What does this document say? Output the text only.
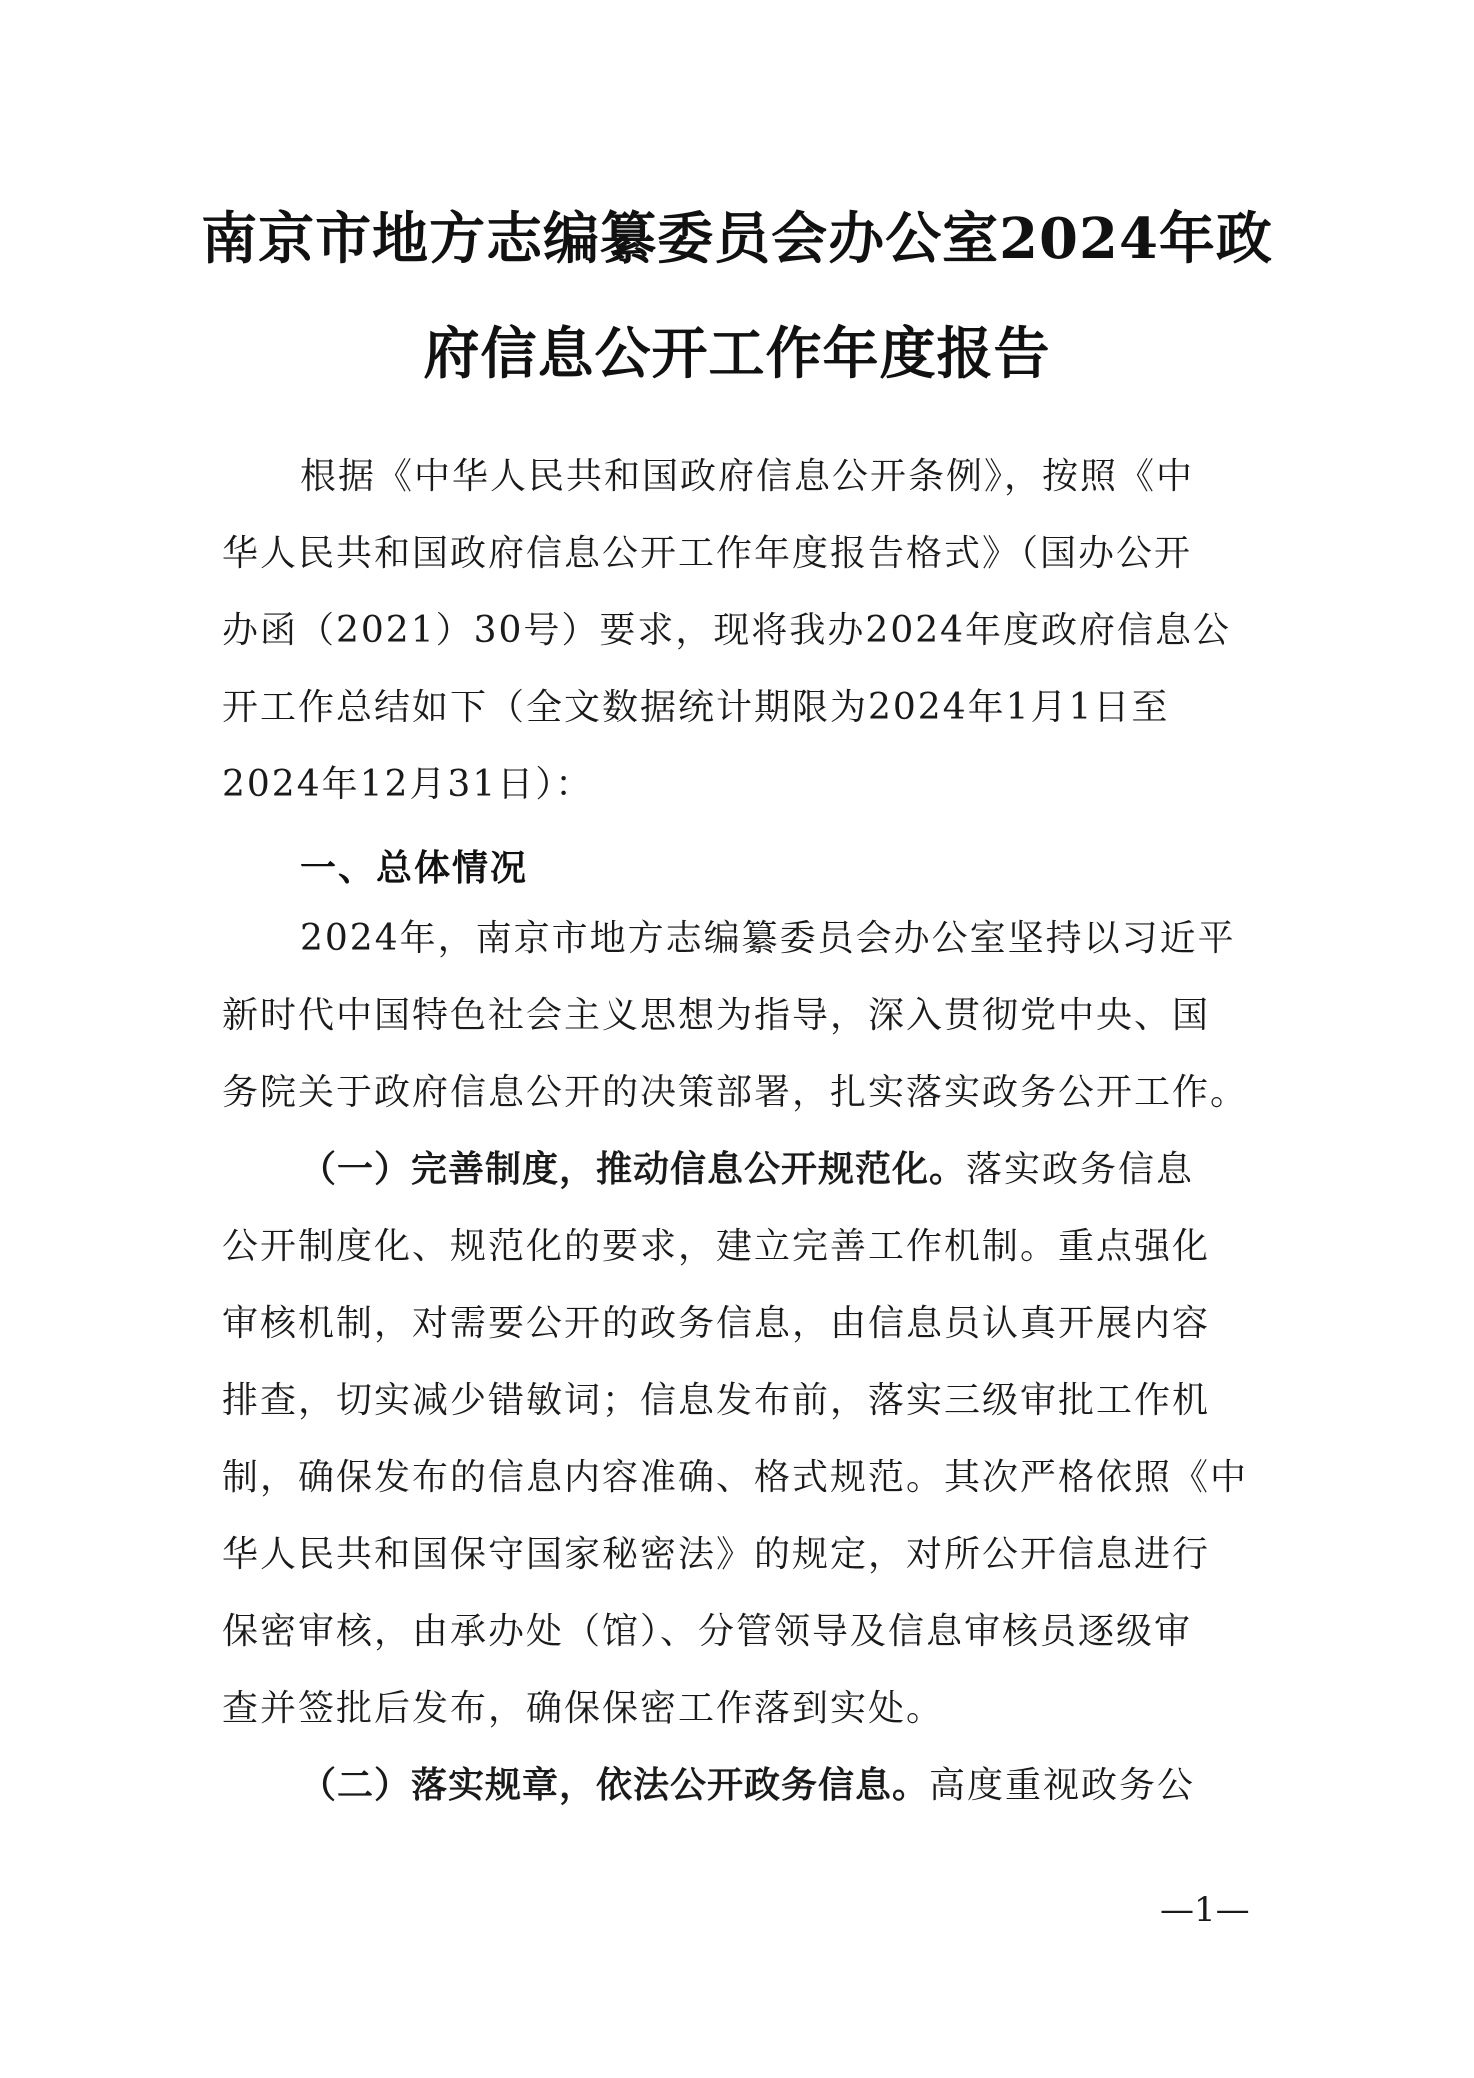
南京市地方志编纂委员会办公室2024年政
府信息公开工作年度报告
根据《中华人民共和国政府信息公开条例》，按照《中
华人民共和国政府信息公开工作年度报告格式》（国办公开
办函（2021）30号）要求，现将我办2024年度政府信息公
开工作总结如下（全文数据统计期限为2024年1月1日至
2024年12月31日）：
一、总体情况
2024年，南京市地方志编纂委员会办公室坚持以习近平
新时代中国特色社会主义思想为指导，深入贯彻党中央、国
务院关于政府信息公开的决策部署，扎实落实政务公开工作。
（一）完善制度，推动信息公开规范化。落实政务信息
公开制度化、规范化的要求，建立完善工作机制。重点强化
审核机制，对需要公开的政务信息，由信息员认真开展内容
排查，切实减少错敏词；信息发布前，落实三级审批工作机
制，确保发布的信息内容准确、格式规范。其次严格依照《中
华人民共和国保守国家秘密法》的规定，对所公开信息进行
保密审核，由承办处（馆）、分管领导及信息审核员逐级审
查并签批后发布，确保保密工作落到实处。
（二）落实规章，依法公开政务信息。高度重视政务公
—1—
